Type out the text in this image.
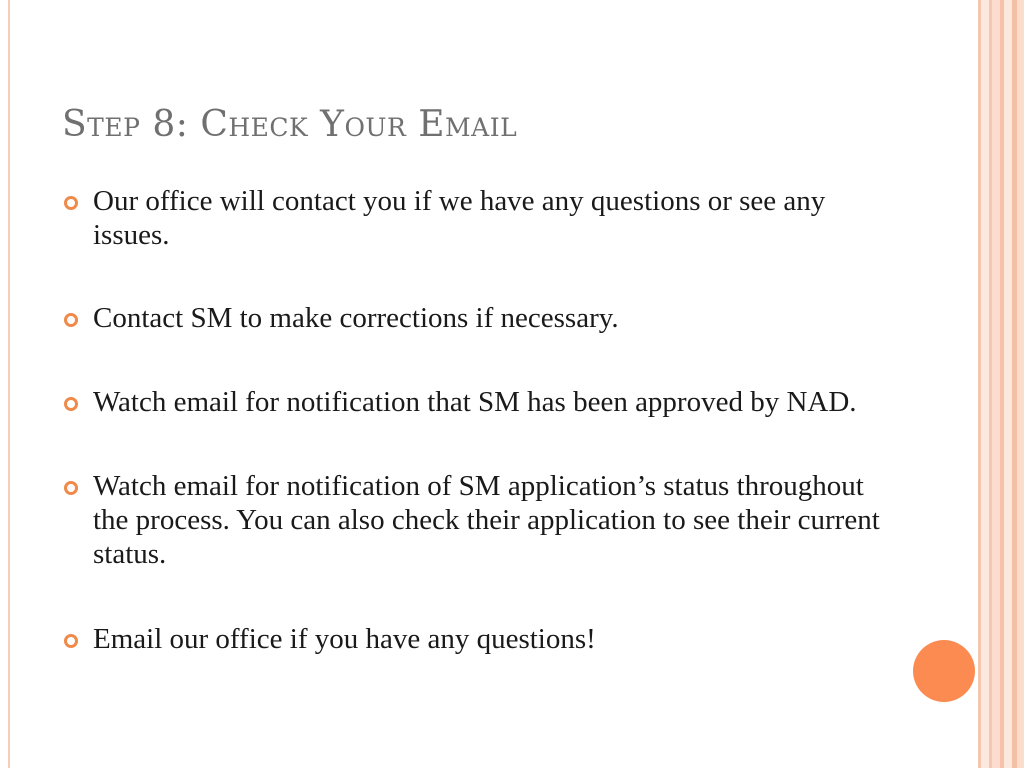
Step 8: Check Your Email
Our office will contact you if we have any questions or see any issues.
Contact SM to make corrections if necessary.
Watch email for notification that SM has been approved by NAD.
Watch email for notification of SM application’s status throughout the process. You can also check their application to see their current status.
Email our office if you have any questions!
